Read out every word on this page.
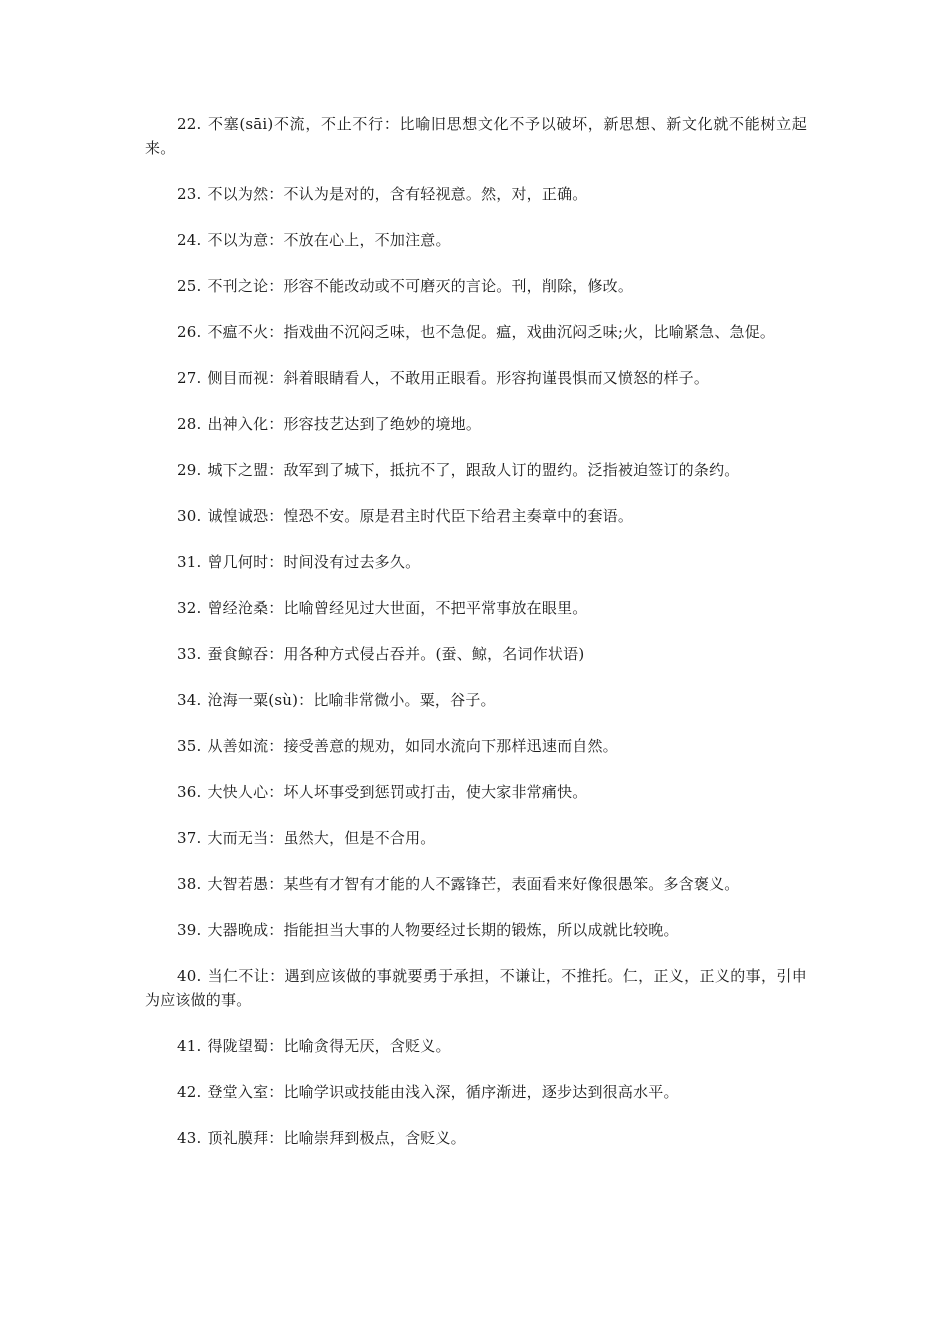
22. 不塞(sāi)不流，不止不行：比喻旧思想文化不予以破坏，新思想、新文化就不能树立起来。

23. 不以为然：不认为是对的，含有轻视意。然，对，正确。

24. 不以为意：不放在心上，不加注意。

25. 不刊之论：形容不能改动或不可磨灭的言论。刊，削除，修改。

26. 不瘟不火：指戏曲不沉闷乏味，也不急促。瘟，戏曲沉闷乏味;火，比喻紧急、急促。

27. 侧目而视：斜着眼睛看人，不敢用正眼看。形容拘谨畏惧而又愤怒的样子。

28. 出神入化：形容技艺达到了绝妙的境地。

29. 城下之盟：敌军到了城下，抵抗不了，跟敌人订的盟约。泛指被迫签订的条约。

30. 诚惶诚恐：惶恐不安。原是君主时代臣下给君主奏章中的套语。

31. 曾几何时：时间没有过去多久。

32. 曾经沧桑：比喻曾经见过大世面，不把平常事放在眼里。

33. 蚕食鲸吞：用各种方式侵占吞并。(蚕、鲸，名词作状语)

34. 沧海一粟(sù)：比喻非常微小。粟，谷子。

35. 从善如流：接受善意的规劝，如同水流向下那样迅速而自然。

36. 大快人心：坏人坏事受到惩罚或打击，使大家非常痛快。

37. 大而无当：虽然大，但是不合用。

38. 大智若愚：某些有才智有才能的人不露锋芒，表面看来好像很愚笨。多含褒义。

39. 大器晚成：指能担当大事的人物要经过长期的锻炼，所以成就比较晚。

40. 当仁不让：遇到应该做的事就要勇于承担，不谦让，不推托。仁，正义，正义的事，引申为应该做的事。

41. 得陇望蜀：比喻贪得无厌，含贬义。

42. 登堂入室：比喻学识或技能由浅入深，循序渐进，逐步达到很高水平。

43. 顶礼膜拜：比喻崇拜到极点，含贬义。
